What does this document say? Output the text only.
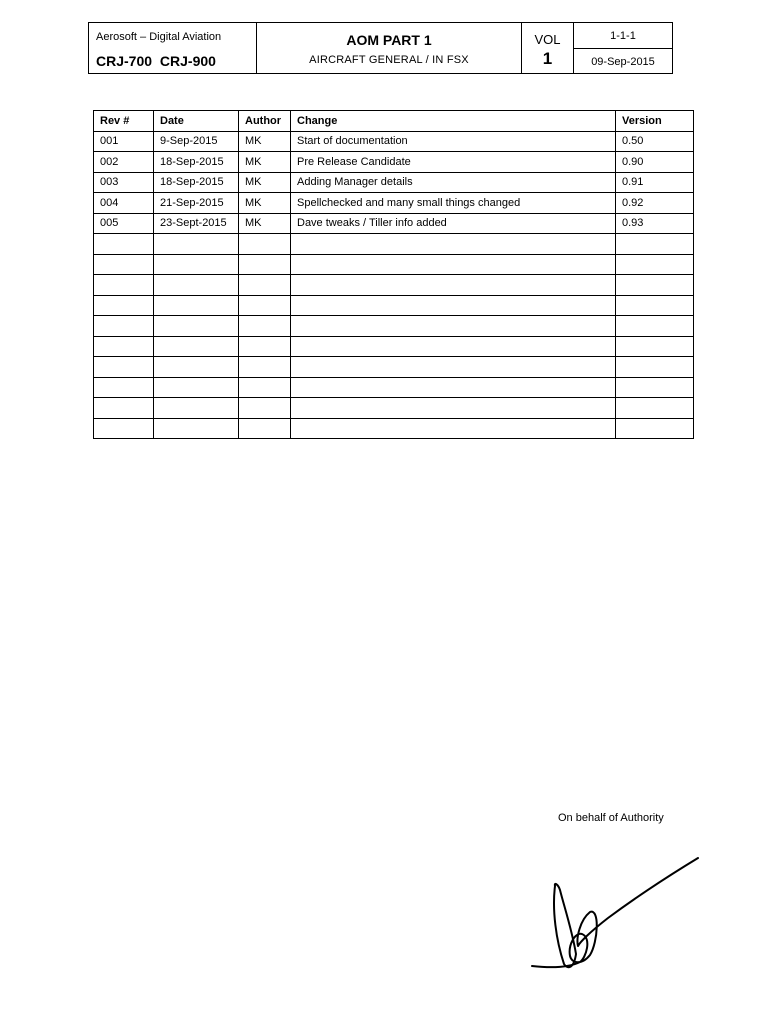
Aerosoft – Digital Aviation
CRJ-700 CRJ-900
AOM PART 1
AIRCRAFT GENERAL / IN FSX
VOL
1
1-1-1
09-Sep-2015
Rev #	Date	Author	Change	Version
001	9-Sep-2015	MK	Start of documentation	0.50
002	18-Sep-2015	MK	Pre Release Candidate	0.90
003	18-Sep-2015	MK	Adding Manager details	0.91
004	21-Sep-2015	MK	Spellchecked and many small things changed	0.92
005	23-Sept-2015	MK	Dave tweaks / Tiller info added	0.93

On behalf of Authority
